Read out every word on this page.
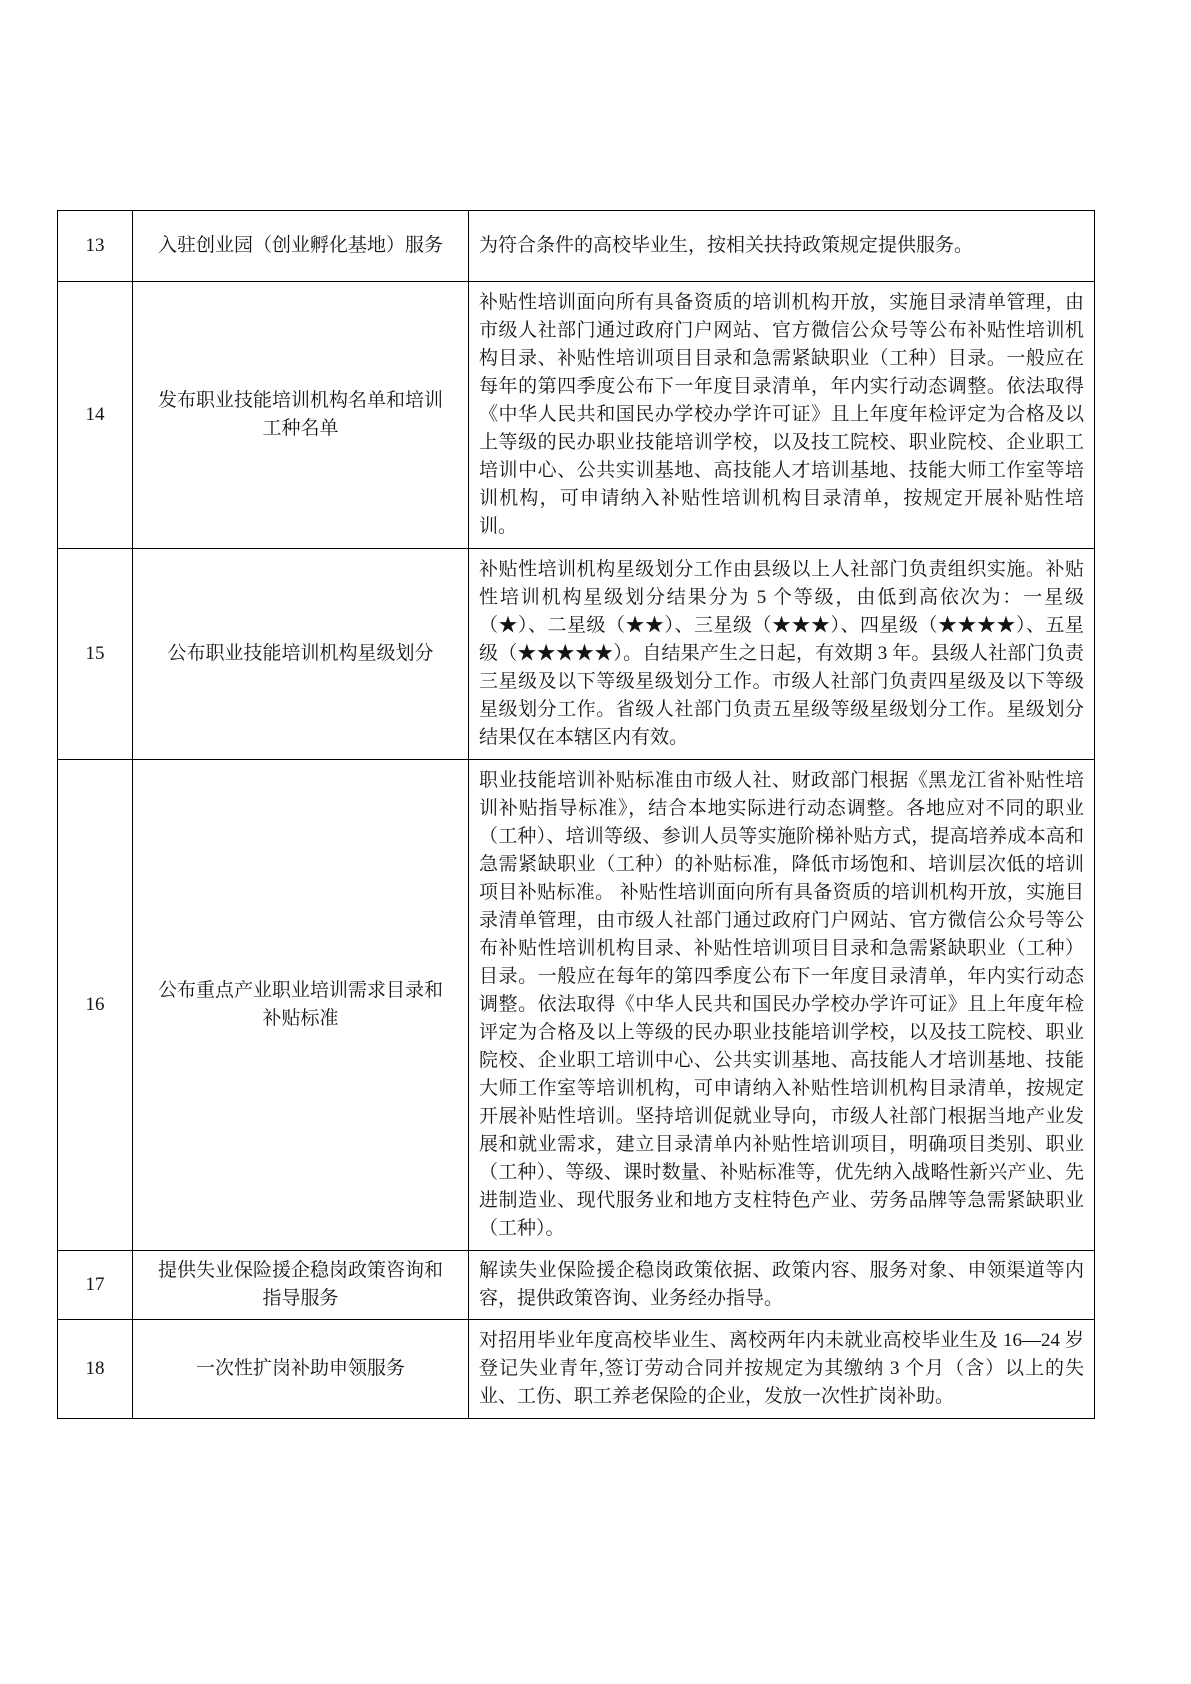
13	入驻创业园（创业孵化基地）服务	为符合条件的高校毕业生，按相关扶持政策规定提供服务。
14	发布职业技能培训机构名单和培训工种名单	补贴性培训面向所有具备资质的培训机构开放，实施目录清单管理，由市级人社部门通过政府门户网站、官方微信公众号等公布补贴性培训机构目录、补贴性培训项目目录和急需紧缺职业（工种）目录。一般应在每年的第四季度公布下一年度目录清单，年内实行动态调整。依法取得《中华人民共和国民办学校办学许可证》且上年度年检评定为合格及以上等级的民办职业技能培训学校，以及技工院校、职业院校、企业职工培训中心、公共实训基地、高技能人才培训基地、技能大师工作室等培训机构，可申请纳入补贴性培训机构目录清单，按规定开展补贴性培训。
15	公布职业技能培训机构星级划分	补贴性培训机构星级划分工作由县级以上人社部门负责组织实施。补贴性培训机构星级划分结果分为 5 个等级，由低到高依次为：一星级（★）、二星级（★★）、三星级（★★★）、四星级（★★★★）、五星级（★★★★★）。自结果产生之日起，有效期 3 年。县级人社部门负责三星级及以下等级星级划分工作。市级人社部门负责四星级及以下等级星级划分工作。省级人社部门负责五星级等级星级划分工作。星级划分结果仅在本辖区内有效。
16	公布重点产业职业培训需求目录和补贴标准	职业技能培训补贴标准由市级人社、财政部门根据《黑龙江省补贴性培训补贴指导标准》，结合本地实际进行动态调整。各地应对不同的职业（工种）、培训等级、参训人员等实施阶梯补贴方式，提高培养成本高和急需紧缺职业（工种）的补贴标准，降低市场饱和、培训层次低的培训项目补贴标准。 补贴性培训面向所有具备资质的培训机构开放，实施目录清单管理，由市级人社部门通过政府门户网站、官方微信公众号等公布补贴性培训机构目录、补贴性培训项目目录和急需紧缺职业（工种）目录。一般应在每年的第四季度公布下一年度目录清单，年内实行动态调整。依法取得《中华人民共和国民办学校办学许可证》且上年度年检评定为合格及以上等级的民办职业技能培训学校，以及技工院校、职业院校、企业职工培训中心、公共实训基地、高技能人才培训基地、技能大师工作室等培训机构，可申请纳入补贴性培训机构目录清单，按规定开展补贴性培训。坚持培训促就业导向，市级人社部门根据当地产业发展和就业需求，建立目录清单内补贴性培训项目，明确项目类别、职业（工种）、等级、课时数量、补贴标准等，优先纳入战略性新兴产业、先进制造业、现代服务业和地方支柱特色产业、劳务品牌等急需紧缺职业（工种）。
17	提供失业保险援企稳岗政策咨询和指导服务	解读失业保险援企稳岗政策依据、政策内容、服务对象、申领渠道等内容，提供政策咨询、业务经办指导。
18	一次性扩岗补助申领服务	对招用毕业年度高校毕业生、离校两年内未就业高校毕业生及 16—24 岁登记失业青年,签订劳动合同并按规定为其缴纳 3 个月（含）以上的失业、工伤、职工养老保险的企业，发放一次性扩岗补助。
